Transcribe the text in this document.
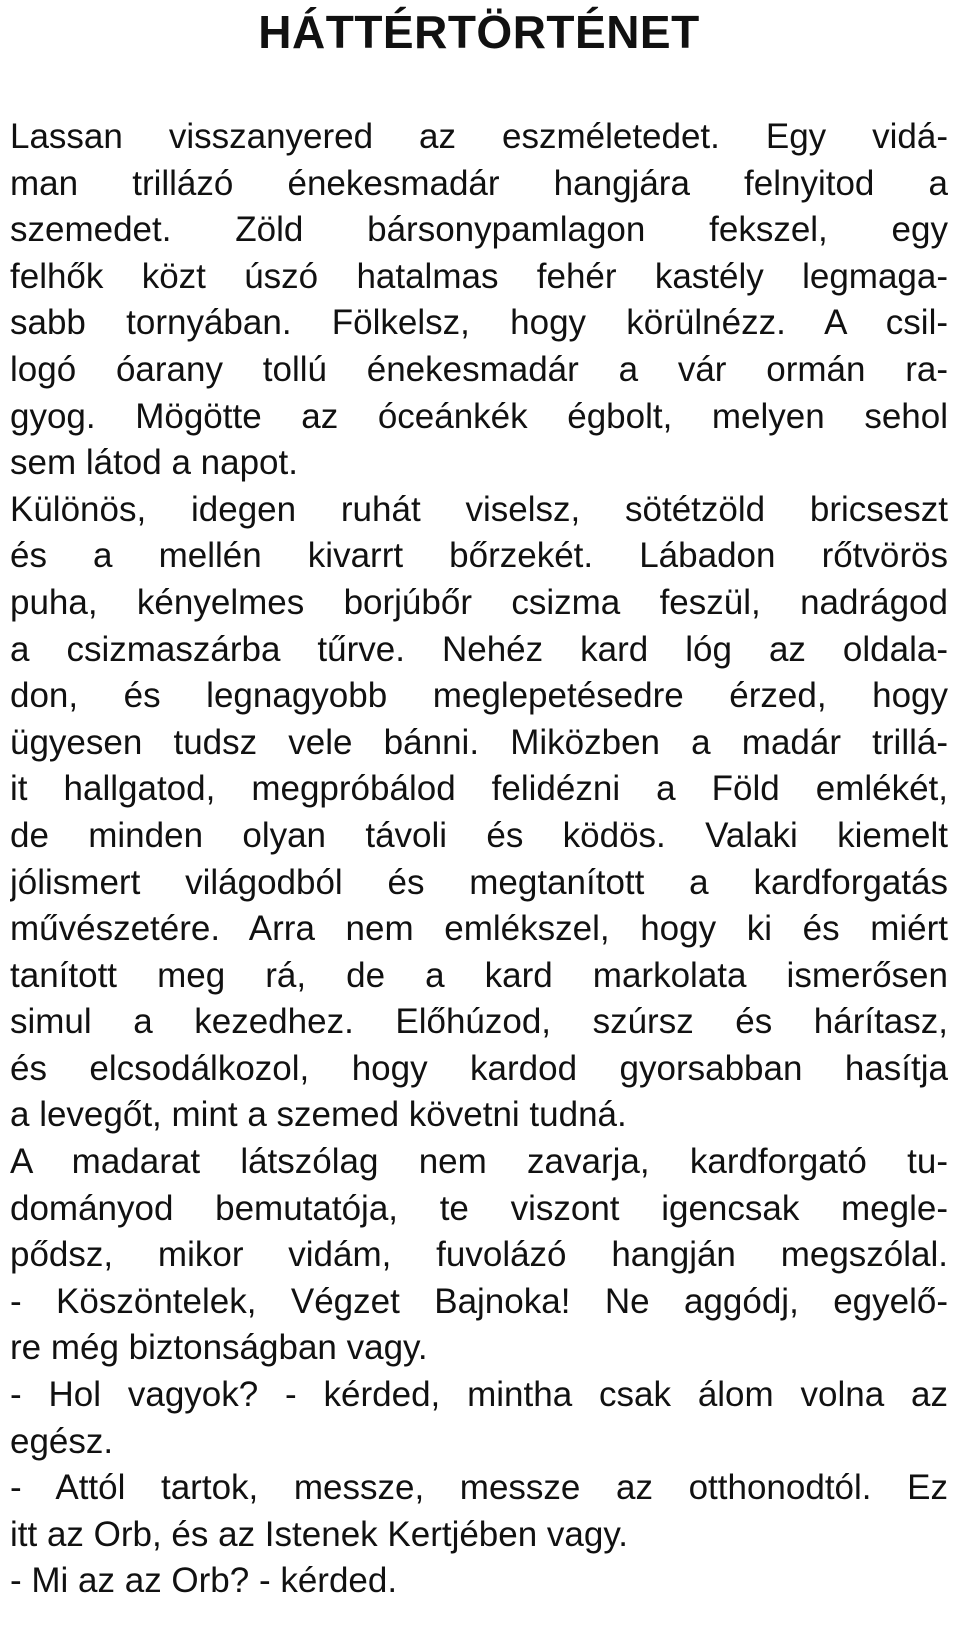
HÁTTÉRTÖRTÉNET
Lassan visszanyered az eszméletedet. Egy vidá-
man trillázó énekesmadár hangjára felnyitod a
szemedet. Zöld bársonypamlagon fekszel, egy
felhők közt úszó hatalmas fehér kastély legmaga-
sabb tornyában. Fölkelsz, hogy körülnézz. A csil-
logó óarany tollú énekesmadár a vár ormán ra-
gyog. Mögötte az óceánkék égbolt, melyen sehol
sem látod a napot.
Különös, idegen ruhát viselsz, sötétzöld bricseszt
és a mellén kivarrt bőrzekét. Lábadon rőtvörös
puha, kényelmes borjúbőr csizma feszül, nadrágod
a csizmaszárba tűrve. Nehéz kard lóg az oldala-
don, és legnagyobb meglepetésedre érzed, hogy
ügyesen tudsz vele bánni. Miközben a madár trillá-
it hallgatod, megpróbálod felidézni a Föld emlékét,
de minden olyan távoli és ködös. Valaki kiemelt
jólismert világodból és megtanított a kardforgatás
művészetére. Arra nem emlékszel, hogy ki és miért
tanított meg rá, de a kard markolata ismerősen
simul a kezedhez. Előhúzod, szúrsz és hárítasz,
és elcsodálkozol, hogy kardod gyorsabban hasítja
a levegőt, mint a szemed követni tudná.
A madarat látszólag nem zavarja, kardforgató tu-
dományod bemutatója, te viszont igencsak megle-
pődsz, mikor vidám, fuvolázó hangján megszólal.
- Köszöntelek, Végzet Bajnoka! Ne aggódj, egyelő-
re még biztonságban vagy.
- Hol vagyok? - kérded, mintha csak álom volna az
egész.
- Attól tartok, messze, messze az otthonodtól. Ez
itt az Orb, és az Istenek Kertjében vagy.
- Mi az az Orb? - kérded.
